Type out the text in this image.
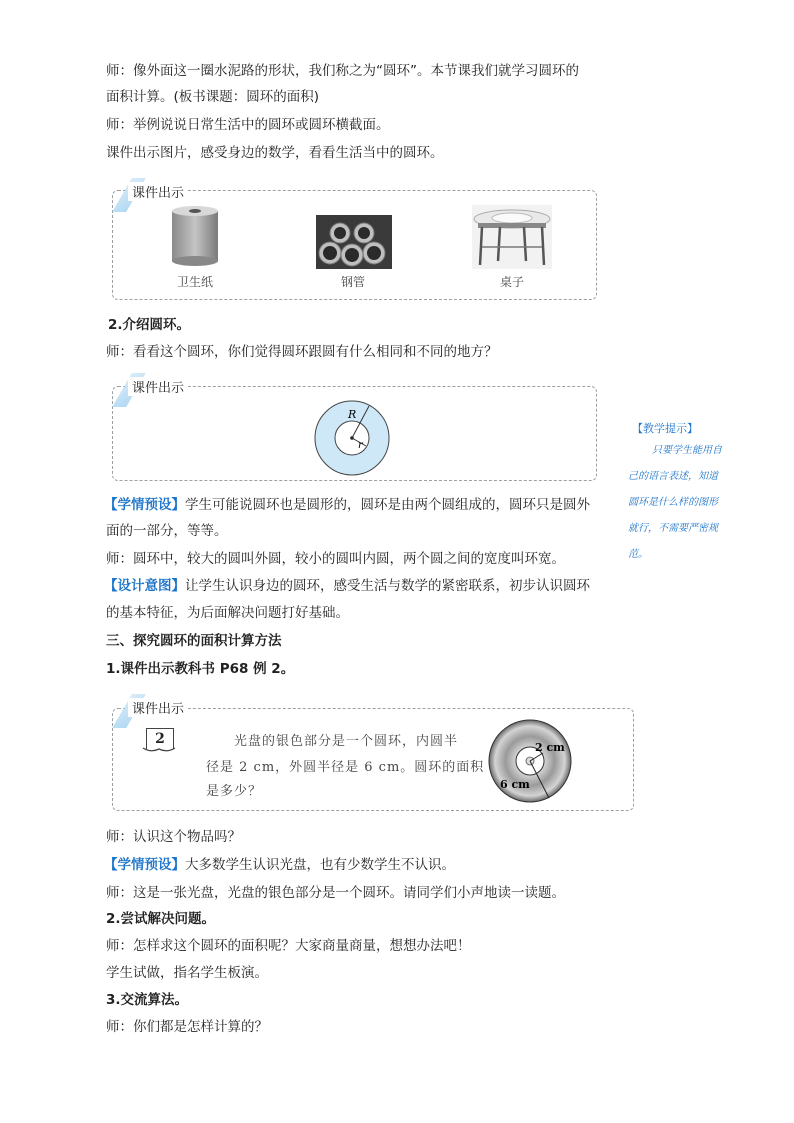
师：像外面这一圈水泥路的形状，我们称之为“圆环”。本节课我们就学习圆环的
面积计算。(板书课题：圆环的面积)
师：举例说说日常生活中的圆环或圆环横截面。
课件出示图片，感受身边的数学，看看生活当中的圆环。
课件出示
卫生纸	钢管	桌子
2.介绍圆环。
师：看看这个圆环，你们觉得圆环跟圆有什么相同和不同的地方？
课件出示
R
r
【教学提示】
只要学生能用自
己的语言表述，知道
圆环是什么样的图形
就行，不需要严密规
范。
【学情预设】学生可能说圆环也是圆形的，圆环是由两个圆组成的，圆环只是圆外
面的一部分，等等。
师：圆环中，较大的圆叫外圆，较小的圆叫内圆，两个圆之间的宽度叫环宽。
【设计意图】让学生认识身边的圆环，感受生活与数学的紧密联系，初步认识圆环
的基本特征，为后面解决问题打好基础。
三、探究圆环的面积计算方法
1.课件出示教科书 P68 例 2。
课件出示
2	光盘的银色部分是一个圆环，内圆半
径是 2 cm，外圆半径是 6 cm。圆环的面积
是多少？
2 cm
6 cm
师：认识这个物品吗？
【学情预设】大多数学生认识光盘，也有少数学生不认识。
师：这是一张光盘，光盘的银色部分是一个圆环。请同学们小声地读一读题。
2.尝试解决问题。
师：怎样求这个圆环的面积呢？大家商量商量，想想办法吧！
学生试做，指名学生板演。
3.交流算法。
师：你们都是怎样计算的？
